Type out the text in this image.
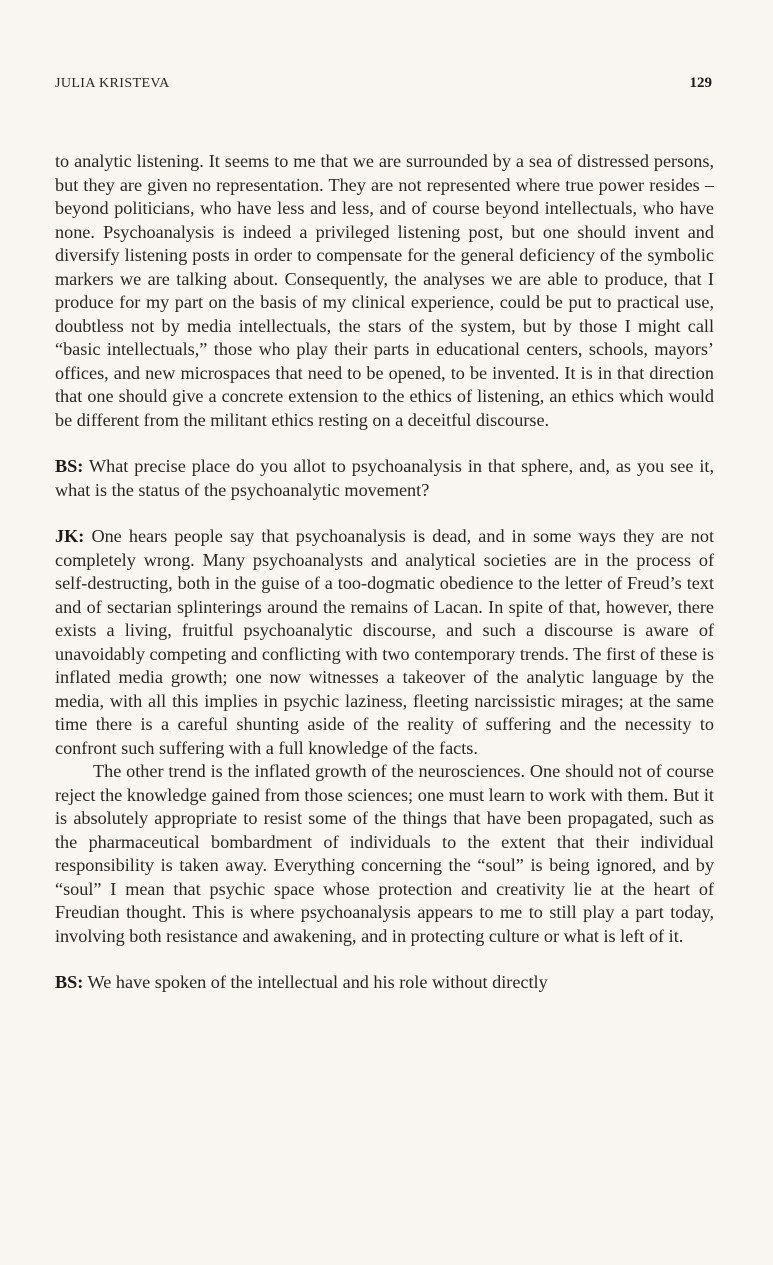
JULIA KRISTEVA	129

to analytic listening. It seems to me that we are surrounded by a sea of distressed persons, but they are given no representation. They are not represented where true power resides – beyond politicians, who have less and less, and of course beyond intellectuals, who have none. Psychoanalysis is indeed a privileged listening post, but one should invent and diversify listening posts in order to compensate for the general deficiency of the symbolic markers we are talking about. Consequently, the analyses we are able to produce, that I produce for my part on the basis of my clinical experience, could be put to practical use, doubtless not by media intellectuals, the stars of the system, but by those I might call “basic intellectuals,” those who play their parts in educational centers, schools, mayors’ offices, and new microspaces that need to be opened, to be invented. It is in that direction that one should give a concrete extension to the ethics of listening, an ethics which would be different from the militant ethics resting on a deceitful discourse.

BS: What precise place do you allot to psychoanalysis in that sphere, and, as you see it, what is the status of the psychoanalytic movement?

JK: One hears people say that psychoanalysis is dead, and in some ways they are not completely wrong. Many psychoanalysts and analytical societies are in the process of self-destructing, both in the guise of a too-dogmatic obedience to the letter of Freud’s text and of sectarian splinterings around the remains of Lacan. In spite of that, however, there exists a living, fruitful psychoanalytic discourse, and such a discourse is aware of unavoidably competing and conflicting with two contemporary trends. The first of these is inflated media growth; one now witnesses a takeover of the analytic language by the media, with all this implies in psychic laziness, fleeting narcissistic mirages; at the same time there is a careful shunting aside of the reality of suffering and the necessity to confront such suffering with a full knowledge of the facts.

The other trend is the inflated growth of the neurosciences. One should not of course reject the knowledge gained from those sciences; one must learn to work with them. But it is absolutely appropriate to resist some of the things that have been propagated, such as the pharmaceutical bombardment of individuals to the extent that their individual responsibility is taken away. Everything concerning the “soul” is being ignored, and by “soul” I mean that psychic space whose protection and creativity lie at the heart of Freudian thought. This is where psychoanalysis appears to me to still play a part today, involving both resistance and awakening, and in protecting culture or what is left of it.

BS: We have spoken of the intellectual and his role without directly
